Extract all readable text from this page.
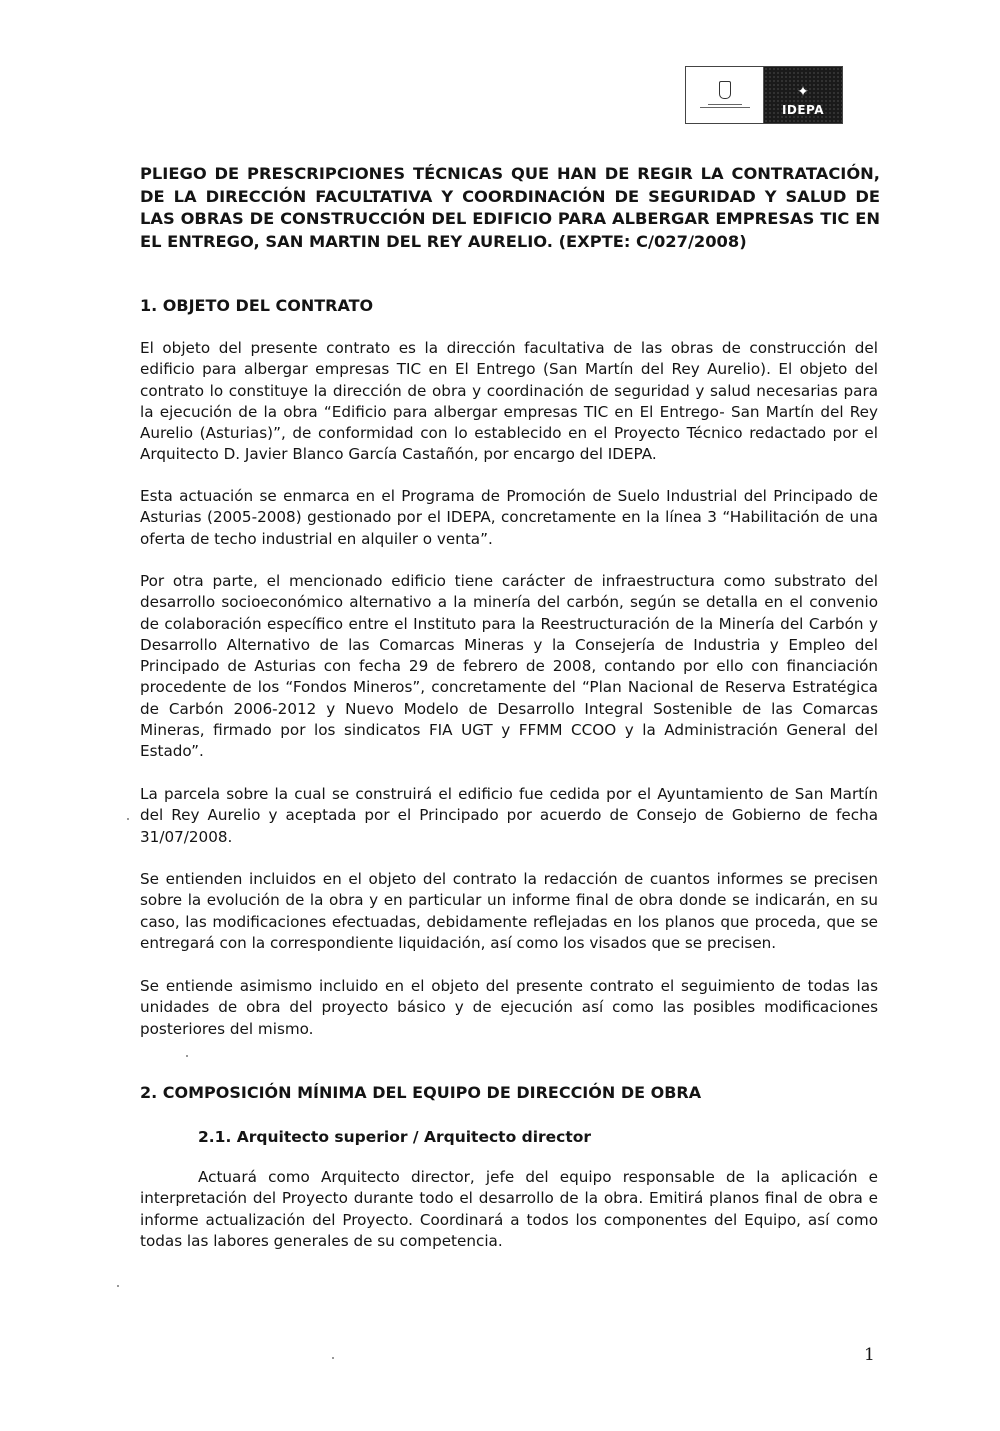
✦
IDEPA

PLIEGO DE PRESCRIPCIONES TÉCNICAS QUE HAN DE REGIR LA CONTRATACIÓN, DE LA DIRECCIÓN FACULTATIVA Y COORDINACIÓN DE SEGURIDAD Y SALUD DE LAS OBRAS DE CONSTRUCCIÓN DEL EDIFICIO PARA ALBERGAR EMPRESAS TIC EN EL ENTREGO, SAN MARTIN DEL REY AURELIO. (EXPTE: C/027/2008)

1. OBJETO DEL CONTRATO

El objeto del presente contrato es la dirección facultativa de las obras de construcción del edificio para albergar empresas TIC en El Entrego (San Martín del Rey Aurelio). El objeto del contrato lo constituye la dirección de obra y coordinación de seguridad y salud necesarias para la ejecución de la obra “Edificio para albergar empresas TIC en El Entrego- San Martín del Rey Aurelio (Asturias)”, de conformidad con lo establecido en el Proyecto Técnico redactado por el Arquitecto D. Javier Blanco García Castañón, por encargo del IDEPA.

Esta actuación se enmarca en el Programa de Promoción de Suelo Industrial del Principado de Asturias (2005-2008) gestionado por el IDEPA, concretamente en la línea 3 “Habilitación de una oferta de techo industrial en alquiler o venta”.

Por otra parte, el mencionado edificio tiene carácter de infraestructura como substrato del desarrollo socioeconómico alternativo a la minería del carbón, según se detalla en el convenio de colaboración específico entre el Instituto para la Reestructuración de la Minería del Carbón y Desarrollo Alternativo de las Comarcas Mineras y la Consejería de Industria y Empleo del Principado de Asturias con fecha 29 de febrero de 2008, contando por ello con financiación procedente de los “Fondos Mineros”, concretamente del “Plan Nacional de Reserva Estratégica de Carbón 2006-2012 y Nuevo Modelo de Desarrollo Integral Sostenible de las Comarcas Mineras, firmado por los sindicatos FIA UGT y FFMM CCOO y la Administración General del Estado”.

La parcela sobre la cual se construirá el edificio fue cedida por el Ayuntamiento de San Martín del Rey Aurelio y aceptada por el Principado por acuerdo de Consejo de Gobierno de fecha 31/07/2008.

Se entienden incluidos en el objeto del contrato la redacción de cuantos informes se precisen sobre la evolución de la obra y en particular un informe final de obra donde se indicarán, en su caso, las modificaciones efectuadas, debidamente reflejadas en los planos que proceda, que se entregará con la correspondiente liquidación, así como los visados que se precisen.

Se entiende asimismo incluido en el objeto del presente contrato el seguimiento de todas las unidades de obra del proyecto básico y de ejecución así como las posibles modificaciones posteriores del mismo.

2. COMPOSICIÓN MÍNIMA DEL EQUIPO DE DIRECCIÓN DE OBRA

2.1. Arquitecto superior / Arquitecto director

Actuará como Arquitecto director, jefe del equipo responsable de la aplicación e interpretación del Proyecto durante todo el desarrollo de la obra. Emitirá planos final de obra e informe actualización del Proyecto. Coordinará a todos los componentes del Equipo, así como todas las labores generales de su competencia.

1
